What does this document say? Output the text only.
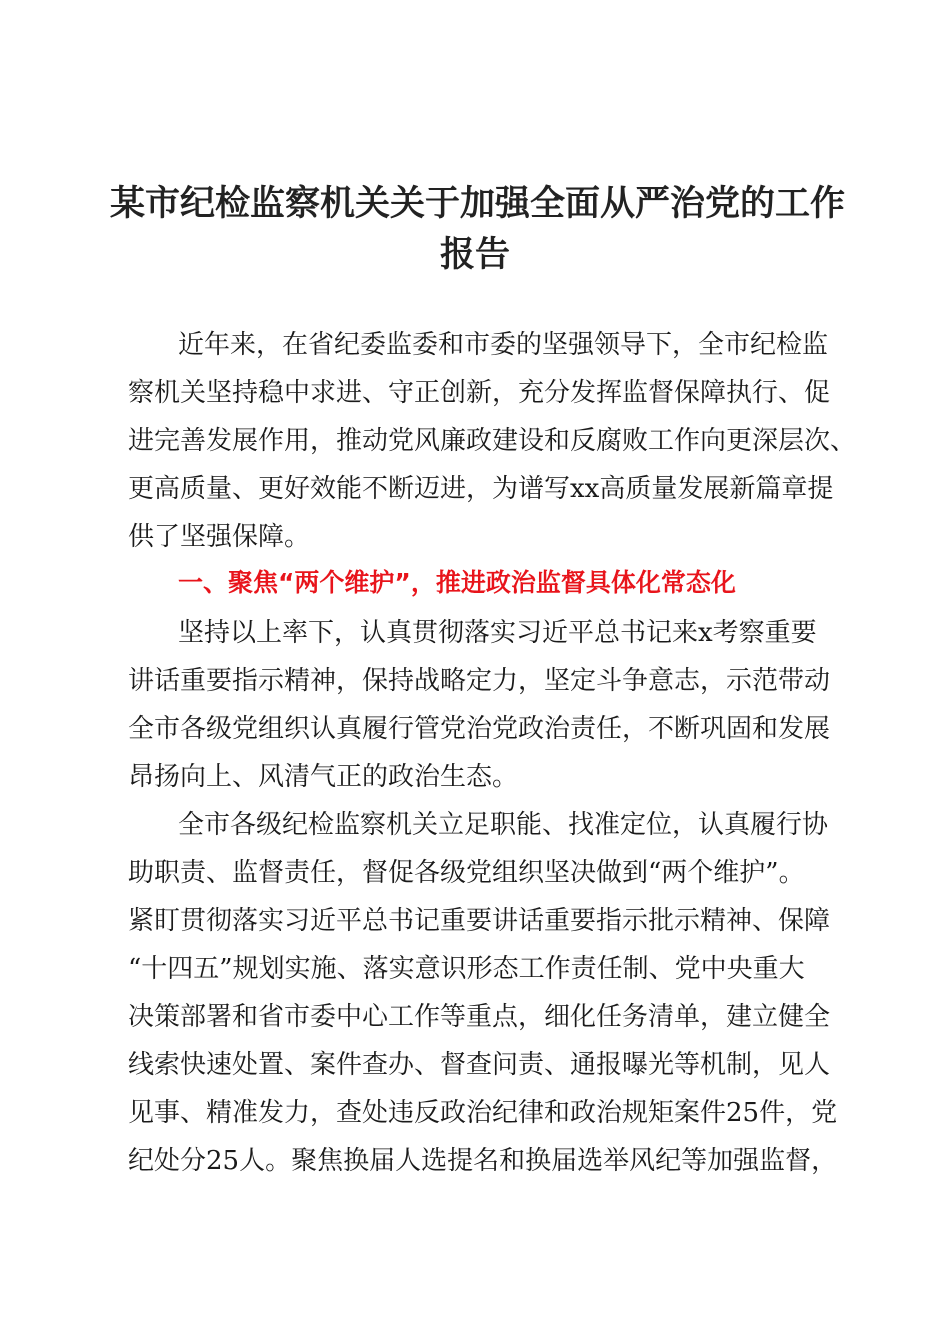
某市纪检监察机关关于加强全面从严治党的工作
报告
近年来，在省纪委监委和市委的坚强领导下，全市纪检监
察机关坚持稳中求进、守正创新，充分发挥监督保障执行、促
进完善发展作用，推动党风廉政建设和反腐败工作向更深层次、
更高质量、更好效能不断迈进，为谱写xx高质量发展新篇章提
供了坚强保障。
一、聚焦“两个维护”，推进政治监督具体化常态化
坚持以上率下，认真贯彻落实习近平总书记来x考察重要
讲话重要指示精神，保持战略定力，坚定斗争意志，示范带动
全市各级党组织认真履行管党治党政治责任，不断巩固和发展
昂扬向上、风清气正的政治生态。
全市各级纪检监察机关立足职能、找准定位，认真履行协
助职责、监督责任，督促各级党组织坚决做到“两个维护”。
紧盯贯彻落实习近平总书记重要讲话重要指示批示精神、保障
“十四五”规划实施、落实意识形态工作责任制、党中央重大
决策部署和省市委中心工作等重点，细化任务清单，建立健全
线索快速处置、案件查办、督查问责、通报曝光等机制，见人
见事、精准发力，查处违反政治纪律和政治规矩案件25件，党
纪处分25人。聚焦换届人选提名和换届选举风纪等加强监督，
